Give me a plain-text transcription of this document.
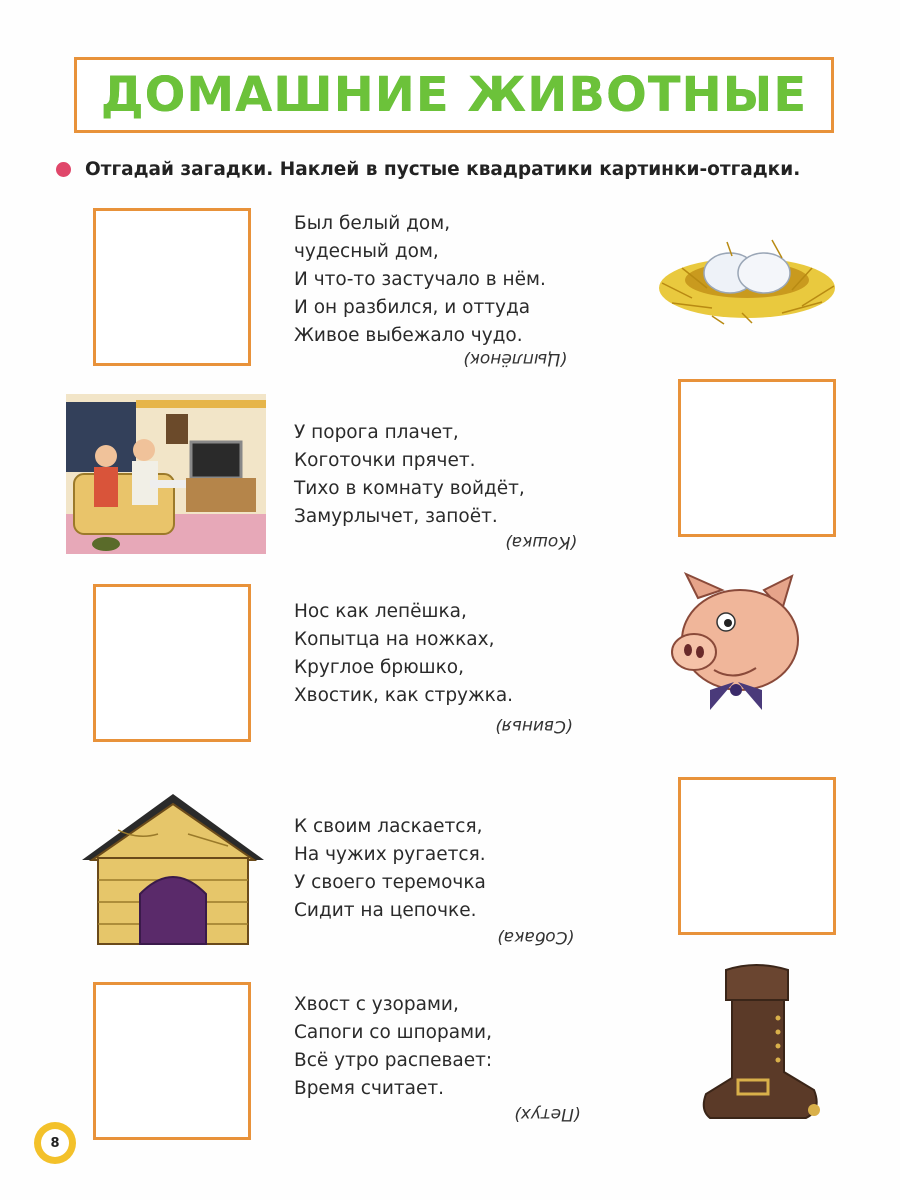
ДОМАШНИЕ ЖИВОТНЫЕ
Отгадай загадки. Наклей в пустые квадратики картинки-отгадки.
Был белый дом,
чудесный дом,
И что-то застучало в нём.
И он разбился, и оттуда
Живое выбежало чудо.
(Цыплёнок)
У порога плачет,
Коготочки прячет.
Тихо в комнату войдёт,
Замурлычет, запоёт.
(Кошка)
Нос как лепёшка,
Копытца на ножках,
Круглое брюшко,
Хвостик, как стружка.
(Свинья)
К своим ласкается,
На чужих ругается.
У своего теремочка
Сидит на цепочке.
(Собака)
Хвост с узорами,
Сапоги со шпорами,
Всё утро распевает:
Время считает.
(Петух)
8
